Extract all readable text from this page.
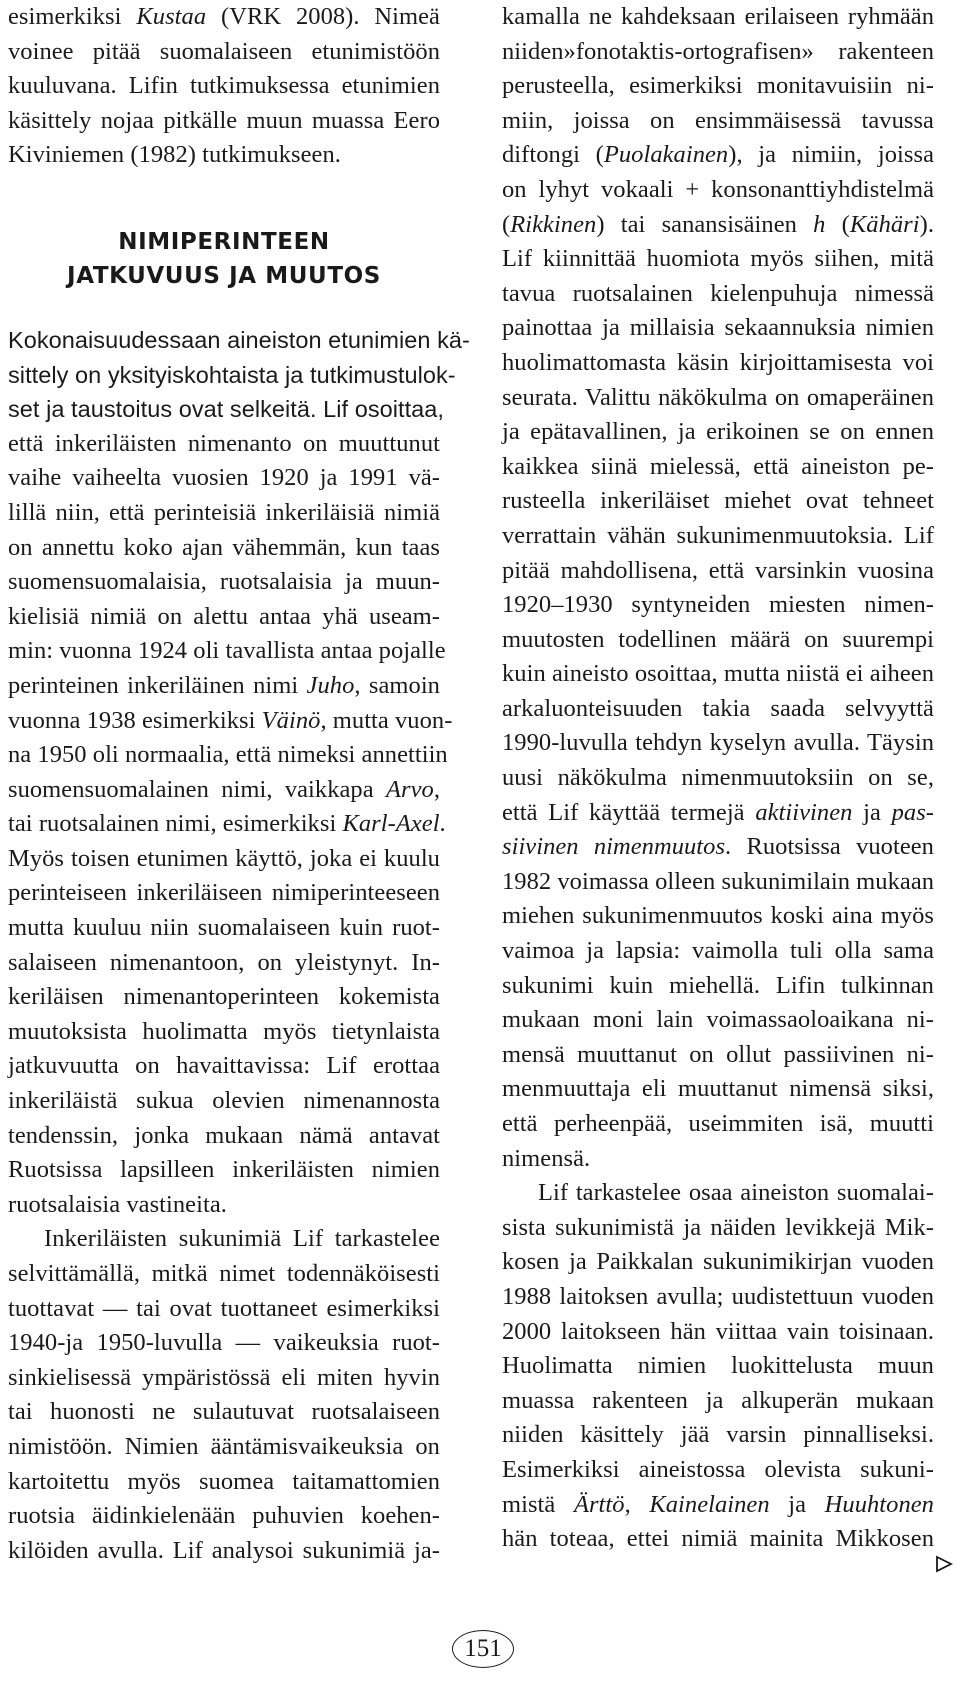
esimerkiksi Kustaa (VRK 2008). Nimeä
voinee pitää suomalaiseen etunimistöön
kuuluvana. Lifin tutkimuksessa etunimien
käsittely nojaa pitkälle muun muassa Eero
Kiviniemen (1982) tutkimukseen.
NIMIPERINTEEN
JATKUVUUS JA MUUTOS
Kokonaisuudessaan aineiston etunimien kä-
sittely on yksityiskohtaista ja tutkimustulok-
set ja taustoitus ovat selkeitä. Lif osoittaa,
että inkeriläisten nimenanto on muuttunut
vaihe vaiheelta vuosien 1920 ja 1991 vä-
lillä niin, että perinteisiä inkeriläisiä nimiä
on annettu koko ajan vähemmän, kun taas
suomensuomalaisia, ruotsalaisia ja muun-
kielisiä nimiä on alettu antaa yhä useam-
min: vuonna 1924 oli tavallista antaa pojalle
perinteinen inkeriläinen nimi Juho, samoin
vuonna 1938 esimerkiksi Väinö, mutta vuon-
na 1950 oli normaalia, että nimeksi annettiin
suomensuomalainen nimi, vaikkapa Arvo,
tai ruotsalainen nimi, esimerkiksi Karl-Axel.
Myös toisen etunimen käyttö, joka ei kuulu
perinteiseen inkeriläiseen nimiperinteeseen
mutta kuuluu niin suomalaiseen kuin ruot-
salaiseen nimenantoon, on yleistynyt. In-
keriläisen nimenantoperinteen kokemista
muutoksista huolimatta myös tietynlaista
jatkuvuutta on havaittavissa: Lif erottaa
inkeriläistä sukua olevien nimenannosta
tendenssin, jonka mukaan nämä antavat
Ruotsissa lapsilleen inkeriläisten nimien
ruotsalaisia vastineita.
Inkeriläisten sukunimiä Lif tarkastelee
selvittämällä, mitkä nimet todennäköisesti
tuottavat — tai ovat tuottaneet esimerkiksi
1940-ja 1950-luvulla — vaikeuksia ruot-
sinkielisessä ympäristössä eli miten hyvin
tai huonosti ne sulautuvat ruotsalaiseen
nimistöön. Nimien ääntämisvaikeuksia on
kartoitettu myös suomea taitamattomien
ruotsia äidinkielenään puhuvien koehen-
kilöiden avulla. Lif analysoi sukunimiä ja-
kamalla ne kahdeksaan erilaiseen ryhmään
niiden»fonotaktis-ortografisen» rakenteen
perusteella, esimerkiksi monitavuisiin ni-
miin, joissa on ensimmäisessä tavussa
diftongi (Puolakainen), ja nimiin, joissa
on lyhyt vokaali + konsonanttiyhdistelmä
(Rikkinen) tai sanansisäinen h (Kähäri).
Lif kiinnittää huomiota myös siihen, mitä
tavua ruotsalainen kielenpuhuja nimessä
painottaa ja millaisia sekaannuksia nimien
huolimattomasta käsin kirjoittamisesta voi
seurata. Valittu näkökulma on omaperäinen
ja epätavallinen, ja erikoinen se on ennen
kaikkea siinä mielessä, että aineiston pe-
rusteella inkeriläiset miehet ovat tehneet
verrattain vähän sukunimenmuutoksia. Lif
pitää mahdollisena, että varsinkin vuosina
1920–1930 syntyneiden miesten nimen-
muutosten todellinen määrä on suurempi
kuin aineisto osoittaa, mutta niistä ei aiheen
arkaluonteisuuden takia saada selvyyttä
1990-luvulla tehdyn kyselyn avulla. Täysin
uusi näkökulma nimenmuutoksiin on se,
että Lif käyttää termejä aktiivinen ja pas-
siivinen nimenmuutos. Ruotsissa vuoteen
1982 voimassa olleen sukunimilain mukaan
miehen sukunimenmuutos koski aina myös
vaimoa ja lapsia: vaimolla tuli olla sama
sukunimi kuin miehellä. Lifin tulkinnan
mukaan moni lain voimassaoloaikana ni-
mensä muuttanut on ollut passiivinen ni-
menmuuttaja eli muuttanut nimensä siksi,
että perheenpää, useimmiten isä, muutti
nimensä.
Lif tarkastelee osaa aineiston suomalai-
sista sukunimistä ja näiden levikkejä Mik-
kosen ja Paikkalan sukunimikirjan vuoden
1988 laitoksen avulla; uudistettuun vuoden
2000 laitokseen hän viittaa vain toisinaan.
Huolimatta nimien luokittelusta muun
muassa rakenteen ja alkuperän mukaan
niiden käsittely jää varsin pinnalliseksi.
Esimerkiksi aineistossa olevista sukuni-
mistä Ärttö, Kainelainen ja Huuhtonen
hän toteaa, ettei nimiä mainita Mikkosen
151
